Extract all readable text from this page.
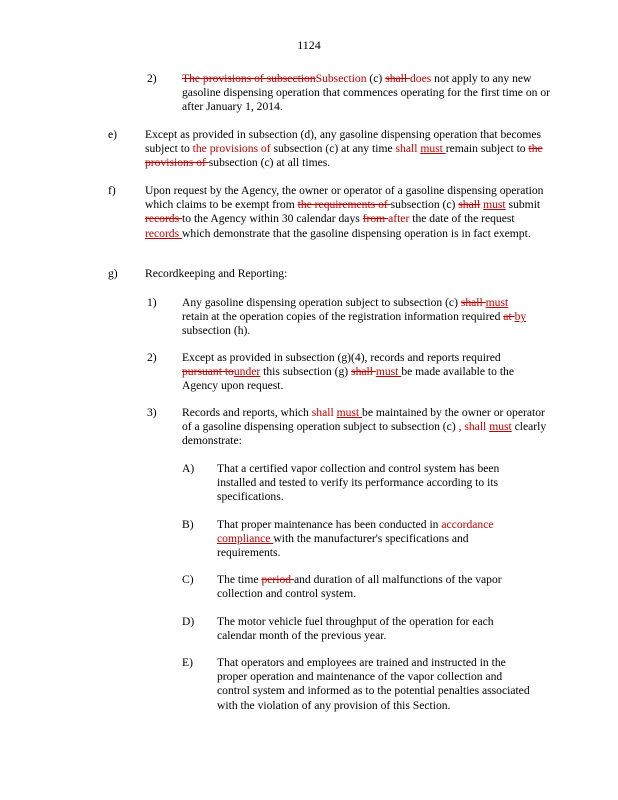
1124
2) The provisions of subsectionSubsection (c) shall does not apply to any new gasoline dispensing operation that commences operating for the first time on or after January 1, 2014.
e) Except as provided in subsection (d), any gasoline dispensing operation that becomes subject to the provisions of subsection (c) at any time shall must remain subject to the provisions of subsection (c) at all times.
f)	Upon request by the Agency, the owner or operator of a gasoline dispensing operation which claims to be exempt from the requirements of subsection (c) shall must submit records to the Agency within 30 calendar days from after the date of the request records which demonstrate that the gasoline dispensing operation is in fact exempt.
g) Recordkeeping and Reporting:
1) Any gasoline dispensing operation subject to subsection (c) shall must retain at the operation copies of the registration information required at by subsection (h).
2) Except as provided in subsection (g)(4), records and reports required pursuant tounder this subsection (g) shall must be made available to the Agency upon request.
3) Records and reports, which shall must be maintained by the owner or operator of a gasoline dispensing operation subject to subsection (c) , shall must clearly demonstrate:
A) That a certified vapor collection and control system has been installed and tested to verify its performance according to its specifications.
B) That proper maintenance has been conducted in accordance compliance with the manufacturer's specifications and requirements.
C) The time period and duration of all malfunctions of the vapor collection and control system.
D) The motor vehicle fuel throughput of the operation for each calendar month of the previous year.
E) That operators and employees are trained and instructed in the proper operation and maintenance of the vapor collection and control system and informed as to the potential penalties associated with the violation of any provision of this Section.
